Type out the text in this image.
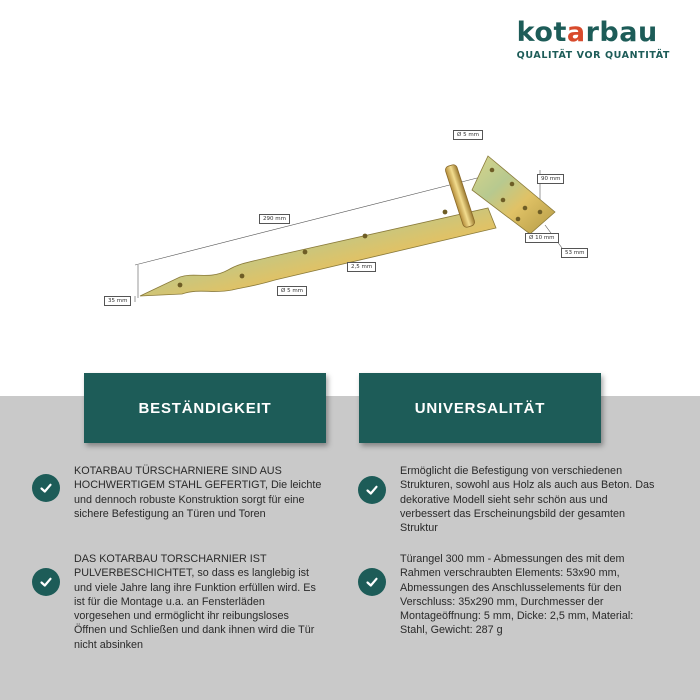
kotarbau
QUALITÄT VOR QUANTITÄT
Ø 5 mm
90 mm
290 mm
Ø 10 mm
53 mm
2,5 mm
Ø 5 mm
35 mm
BESTÄNDIGKEIT	UNIVERSALITÄT
KOTARBAU TÜRSCHARNIERE SIND AUS HOCHWERTIGEM STAHL GEFERTIGT, Die leichte und dennoch robuste Konstruktion sorgt für eine sichere Befestigung an Türen und Toren
DAS KOTARBAU TORSCHARNIER IST PULVERBESCHICHTET, so dass es langlebig ist und viele Jahre lang ihre Funktion erfüllen wird. Es ist für die Montage u.a. an Fensterläden vorgesehen und ermöglicht ihr reibungsloses Öffnen und Schließen und dank ihnen wird die Tür nicht absinken
Ermöglicht die Befestigung von verschiedenen Strukturen, sowohl aus Holz als auch aus Beton. Das dekorative Modell sieht sehr schön aus und verbessert das Erscheinungsbild der gesamten Struktur
Türangel 300 mm - Abmessungen des mit dem Rahmen verschraubten Elements: 53x90 mm, Abmessungen des Anschlusselements für den Verschluss: 35x290 mm, Durchmesser der Montageöffnung: 5 mm, Dicke: 2,5 mm, Material: Stahl, Gewicht: 287 g
